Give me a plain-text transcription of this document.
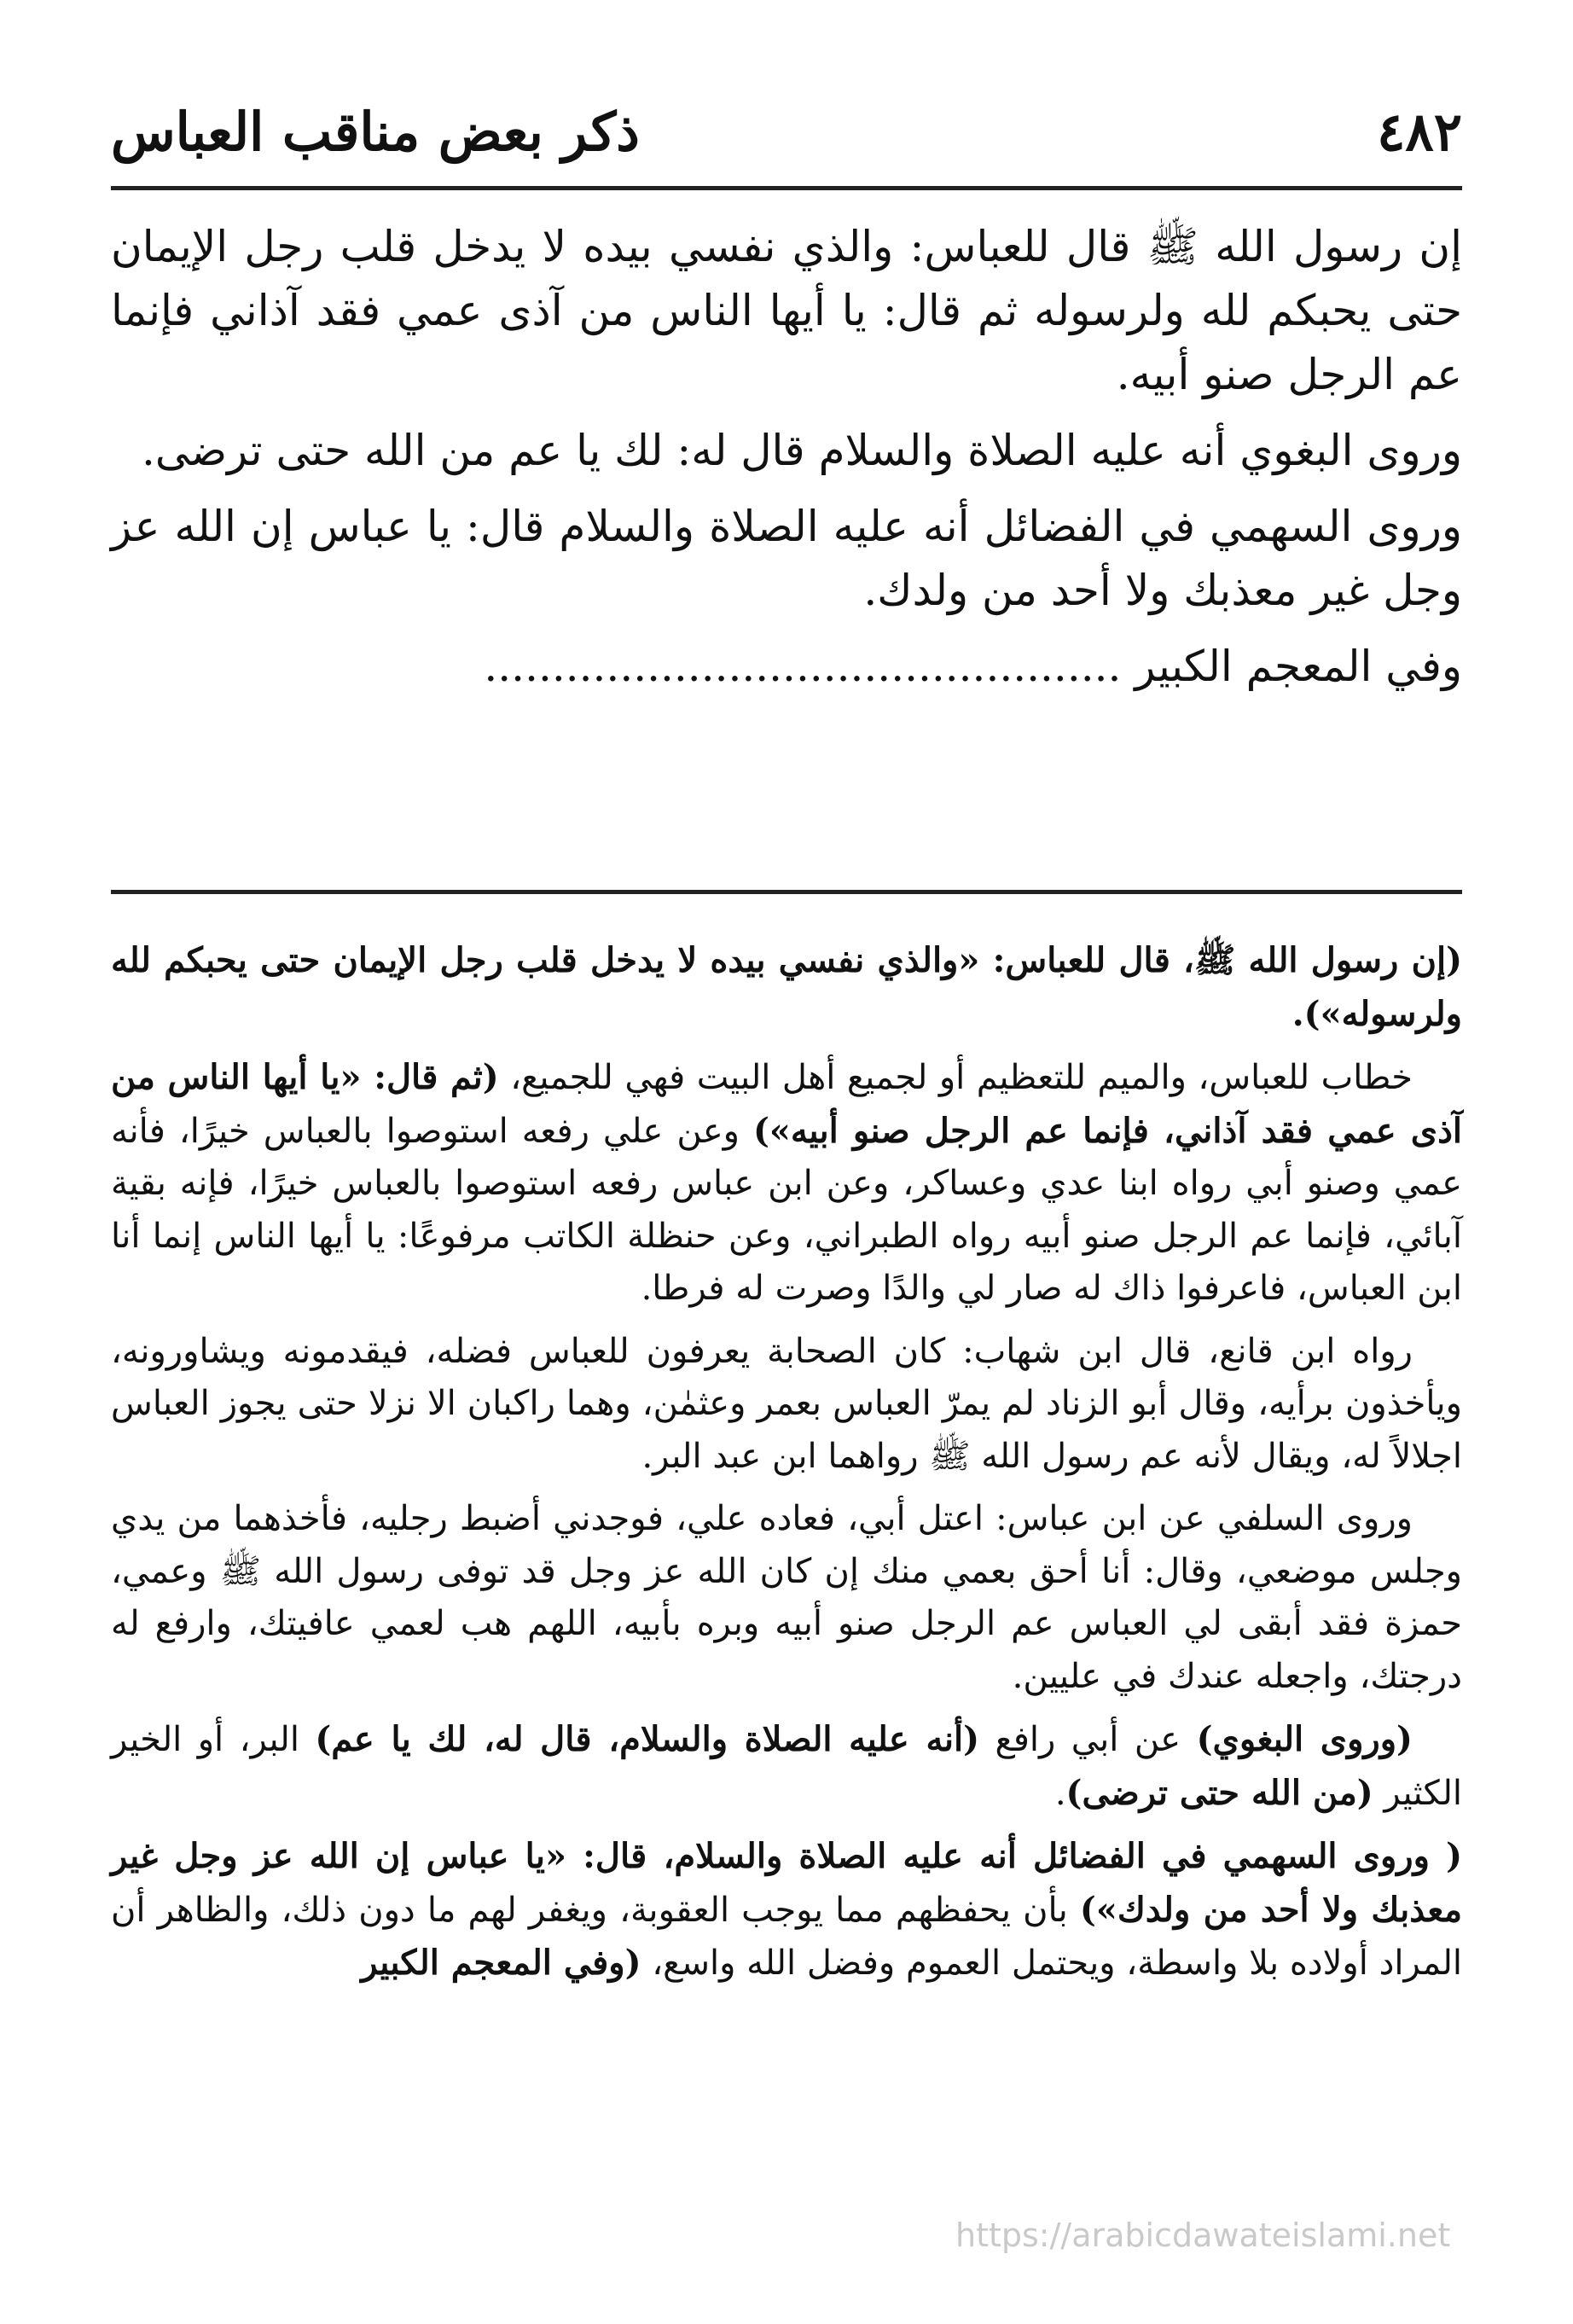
٤٨٢
ذكر بعض مناقب العباس

إن رسول الله ﷺ قال للعباس: والذي نفسي بيده لا يدخل قلب رجل الإيمان حتى يحبكم لله ولرسوله ثم قال: يا أيها الناس من آذى عمي فقد آذاني فإنما عم الرجل صنو أبيه.

وروى البغوي أنه عليه الصلاة والسلام قال له: لك يا عم من الله حتى ترضى.

وروى السهمي في الفضائل أنه عليه الصلاة والسلام قال: يا عباس إن الله عز وجل غير معذبك ولا أحد من ولدك.

وفي المعجم الكبير ...............................................

(إن رسول الله ﷺ، قال للعباس: «والذي نفسي بيده لا يدخل قلب رجل الإيمان حتى يحبكم لله ولرسوله»).

خطاب للعباس، والميم للتعظيم أو لجميع أهل البيت فهي للجميع، (ثم قال: «يا أيها الناس من آذى عمي فقد آذاني، فإنما عم الرجل صنو أبيه») وعن علي رفعه استوصوا بالعباس خيرًا، فأنه عمي وصنو أبي رواه ابنا عدي وعساكر، وعن ابن عباس رفعه استوصوا بالعباس خيرًا، فإنه بقية آبائي، فإنما عم الرجل صنو أبيه رواه الطبراني، وعن حنظلة الكاتب مرفوعًا: يا أيها الناس إنما أنا ابن العباس، فاعرفوا ذاك له صار لي والدًا وصرت له فرطا.

رواه ابن قانع، قال ابن شهاب: كان الصحابة يعرفون للعباس فضله، فيقدمونه ويشاورونه، ويأخذون برأيه، وقال أبو الزناد لم يمرّ العباس بعمر وعثمٰن، وهما راكبان الا نزلا حتى يجوز العباس اجلالاً له، ويقال لأنه عم رسول الله ﷺ رواهما ابن عبد البر.

وروى السلفي عن ابن عباس: اعتل أبي، فعاده علي، فوجدني أضبط رجليه، فأخذهما من يدي وجلس موضعي، وقال: أنا أحق بعمي منك إن كان الله عز وجل قد توفى رسول الله ﷺ وعمي، حمزة فقد أبقى لي العباس عم الرجل صنو أبيه وبره بأبيه، اللهم هب لعمي عافيتك، وارفع له درجتك، واجعله عندك في عليين.

(وروى البغوي) عن أبي رافع (أنه عليه الصلاة والسلام، قال له، لك يا عم) البر، أو الخير الكثير (من الله حتى ترضى).

( وروى السهمي في الفضائل أنه عليه الصلاة والسلام، قال: «يا عباس إن الله عز وجل غير معذبك ولا أحد من ولدك») بأن يحفظهم مما يوجب العقوبة، ويغفر لهم ما دون ذلك، والظاهر أن المراد أولاده بلا واسطة، ويحتمل العموم وفضل الله واسع، (وفي المعجم الكبير

https://arabicdawateislami.net
